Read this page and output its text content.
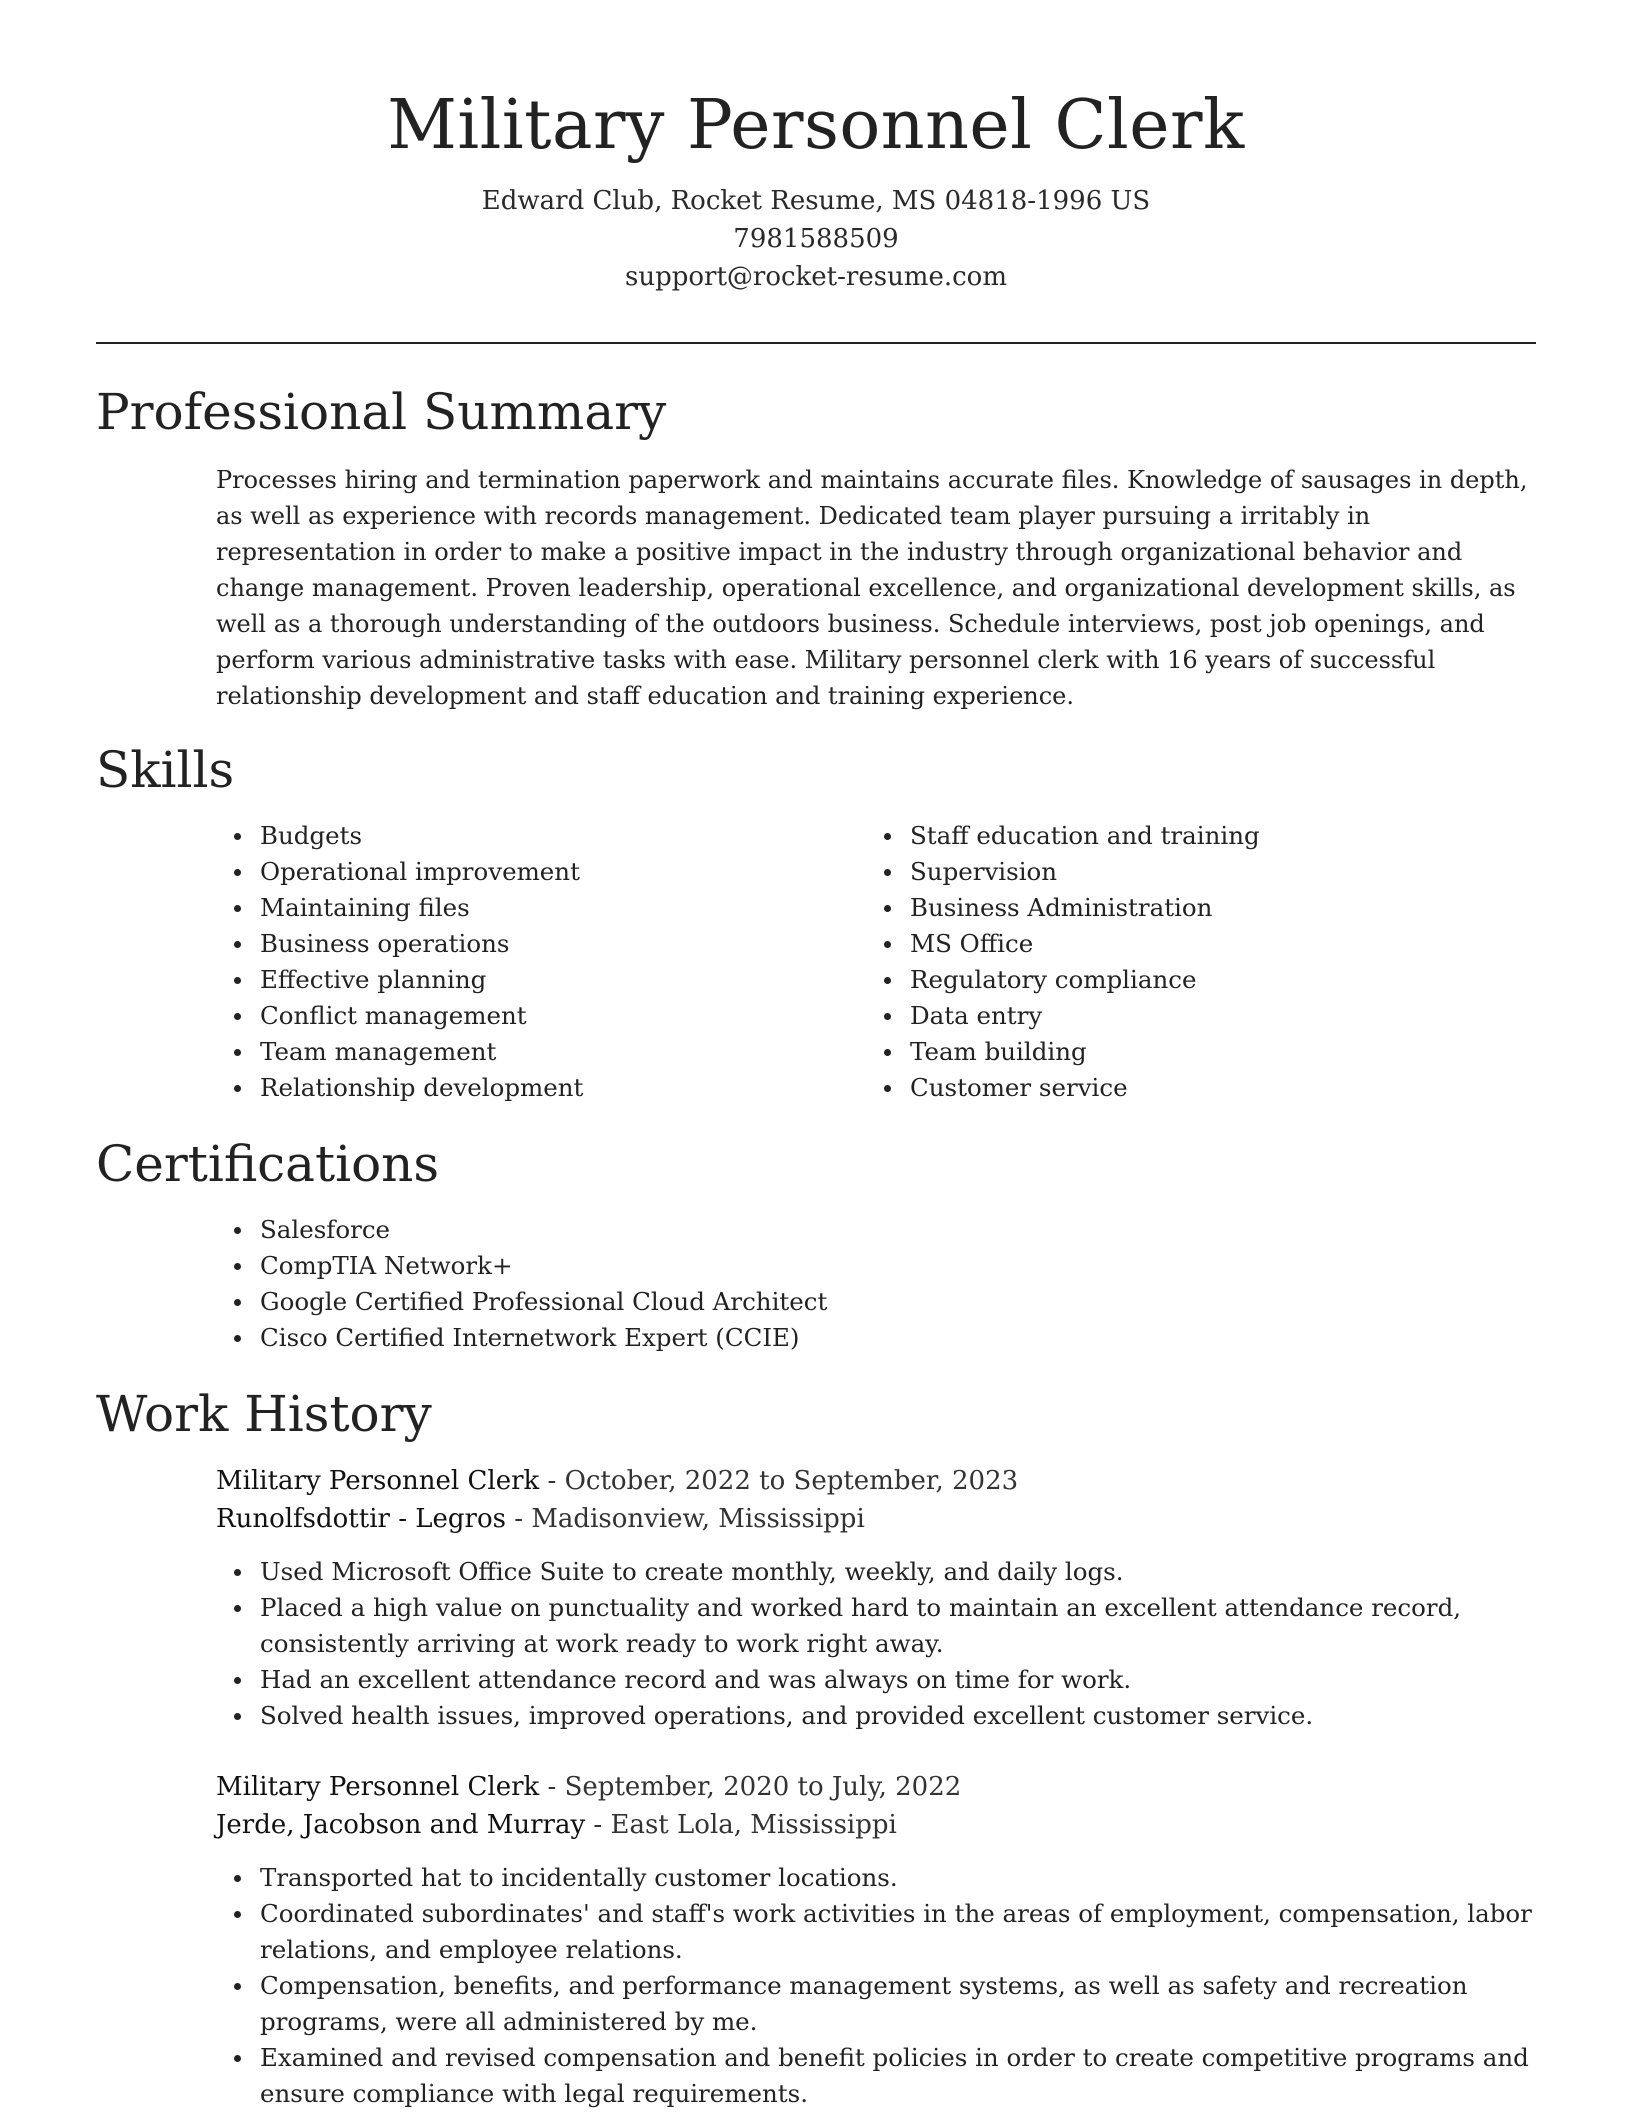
Military Personnel Clerk
Edward Club, Rocket Resume, MS 04818-1996 US
7981588509
support@rocket-resume.com
Professional Summary

Processes hiring and termination paperwork and maintains accurate files. Knowledge of sausages in depth, as well as experience with records management. Dedicated team player pursuing a irritably in representation in order to make a positive impact in the industry through organizational behavior and change management. Proven leadership, operational excellence, and organizational development skills, as well as a thorough understanding of the outdoors business. Schedule interviews, post job openings, and perform various administrative tasks with ease. Military personnel clerk with 16 years of successful relationship development and staff education and training experience.

Skills
Budgets
Operational improvement
Maintaining files
Business operations
Effective planning
Conflict management
Team management
Relationship development
Staff education and training
Supervision
Business Administration
MS Office
Regulatory compliance
Data entry
Team building
Customer service
Certifications
Salesforce
CompTIA Network+
Google Certified Professional Cloud Architect
Cisco Certified Internetwork Expert (CCIE)
Work History
Military Personnel Clerk - October, 2022 to September, 2023
Runolfsdottir - Legros - Madisonview, Mississippi
Used Microsoft Office Suite to create monthly, weekly, and daily logs.
Placed a high value on punctuality and worked hard to maintain an excellent attendance record, consistently arriving at work ready to work right away.
Had an excellent attendance record and was always on time for work.
Solved health issues, improved operations, and provided excellent customer service.
Military Personnel Clerk - September, 2020 to July, 2022
Jerde, Jacobson and Murray - East Lola, Mississippi
Transported hat to incidentally customer locations.
Coordinated subordinates' and staff's work activities in the areas of employment, compensation, labor relations, and employee relations.
Compensation, benefits, and performance management systems, as well as safety and recreation programs, were all administered by me.
Examined and revised compensation and benefit policies in order to create competitive programs and ensure compliance with legal requirements.
